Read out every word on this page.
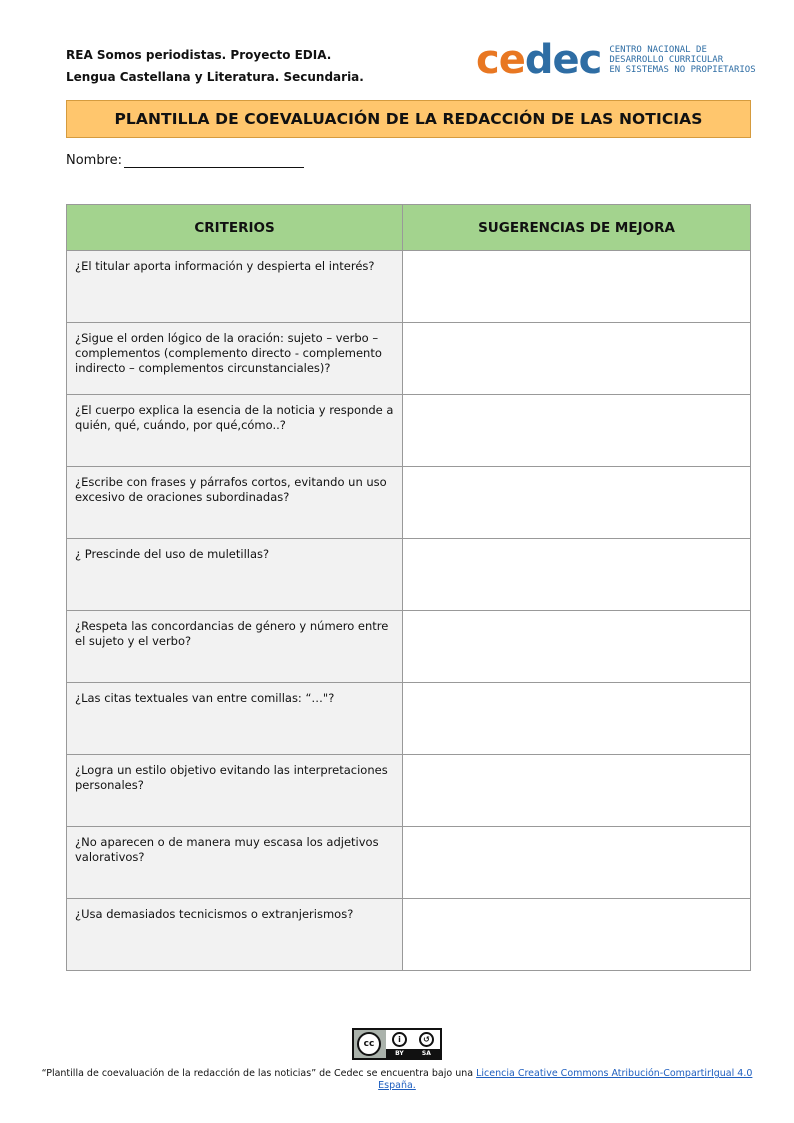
REA Somos periodistas. Proyecto EDIA.
Lengua Castellana y Literatura. Secundaria.	cedec CENTRO NACIONAL DE
DESARROLLO CURRICULAR
EN SISTEMAS NO PROPIETARIOS
PLANTILLA DE COEVALUACIÓN DE LA REDACCIÓN DE LAS NOTICIAS
Nombre:
CRITERIOS	SUGERENCIAS DE MEJORA
¿El titular aporta información y despierta el interés?	
¿Sigue el orden lógico de la oración: sujeto – verbo – complementos (complemento directo - complemento indirecto – complementos circunstanciales)?	
¿El cuerpo explica la esencia de la noticia y responde a quién, qué, cuándo, por qué,cómo..?	
¿Escribe con frases y párrafos cortos, evitando un uso excesivo de oraciones subordinadas?	
¿ Prescinde del uso de muletillas?	
¿Respeta las concordancias de género y número entre el sujeto y el verbo?	
¿Las citas textuales van entre comillas: “…"?	
¿Logra un estilo objetivo evitando las interpretaciones personales?	
¿No aparecen o de manera muy escasa los adjetivos valorativos?	
¿Usa demasiados tecnicismos o extranjerismos?	
cc	i	↺
BY	SA
“Plantilla de coevaluación de la redacción de las noticias” de Cedec se encuentra bajo una Licencia Creative Commons Atribución-CompartirIgual 4.0 España.
